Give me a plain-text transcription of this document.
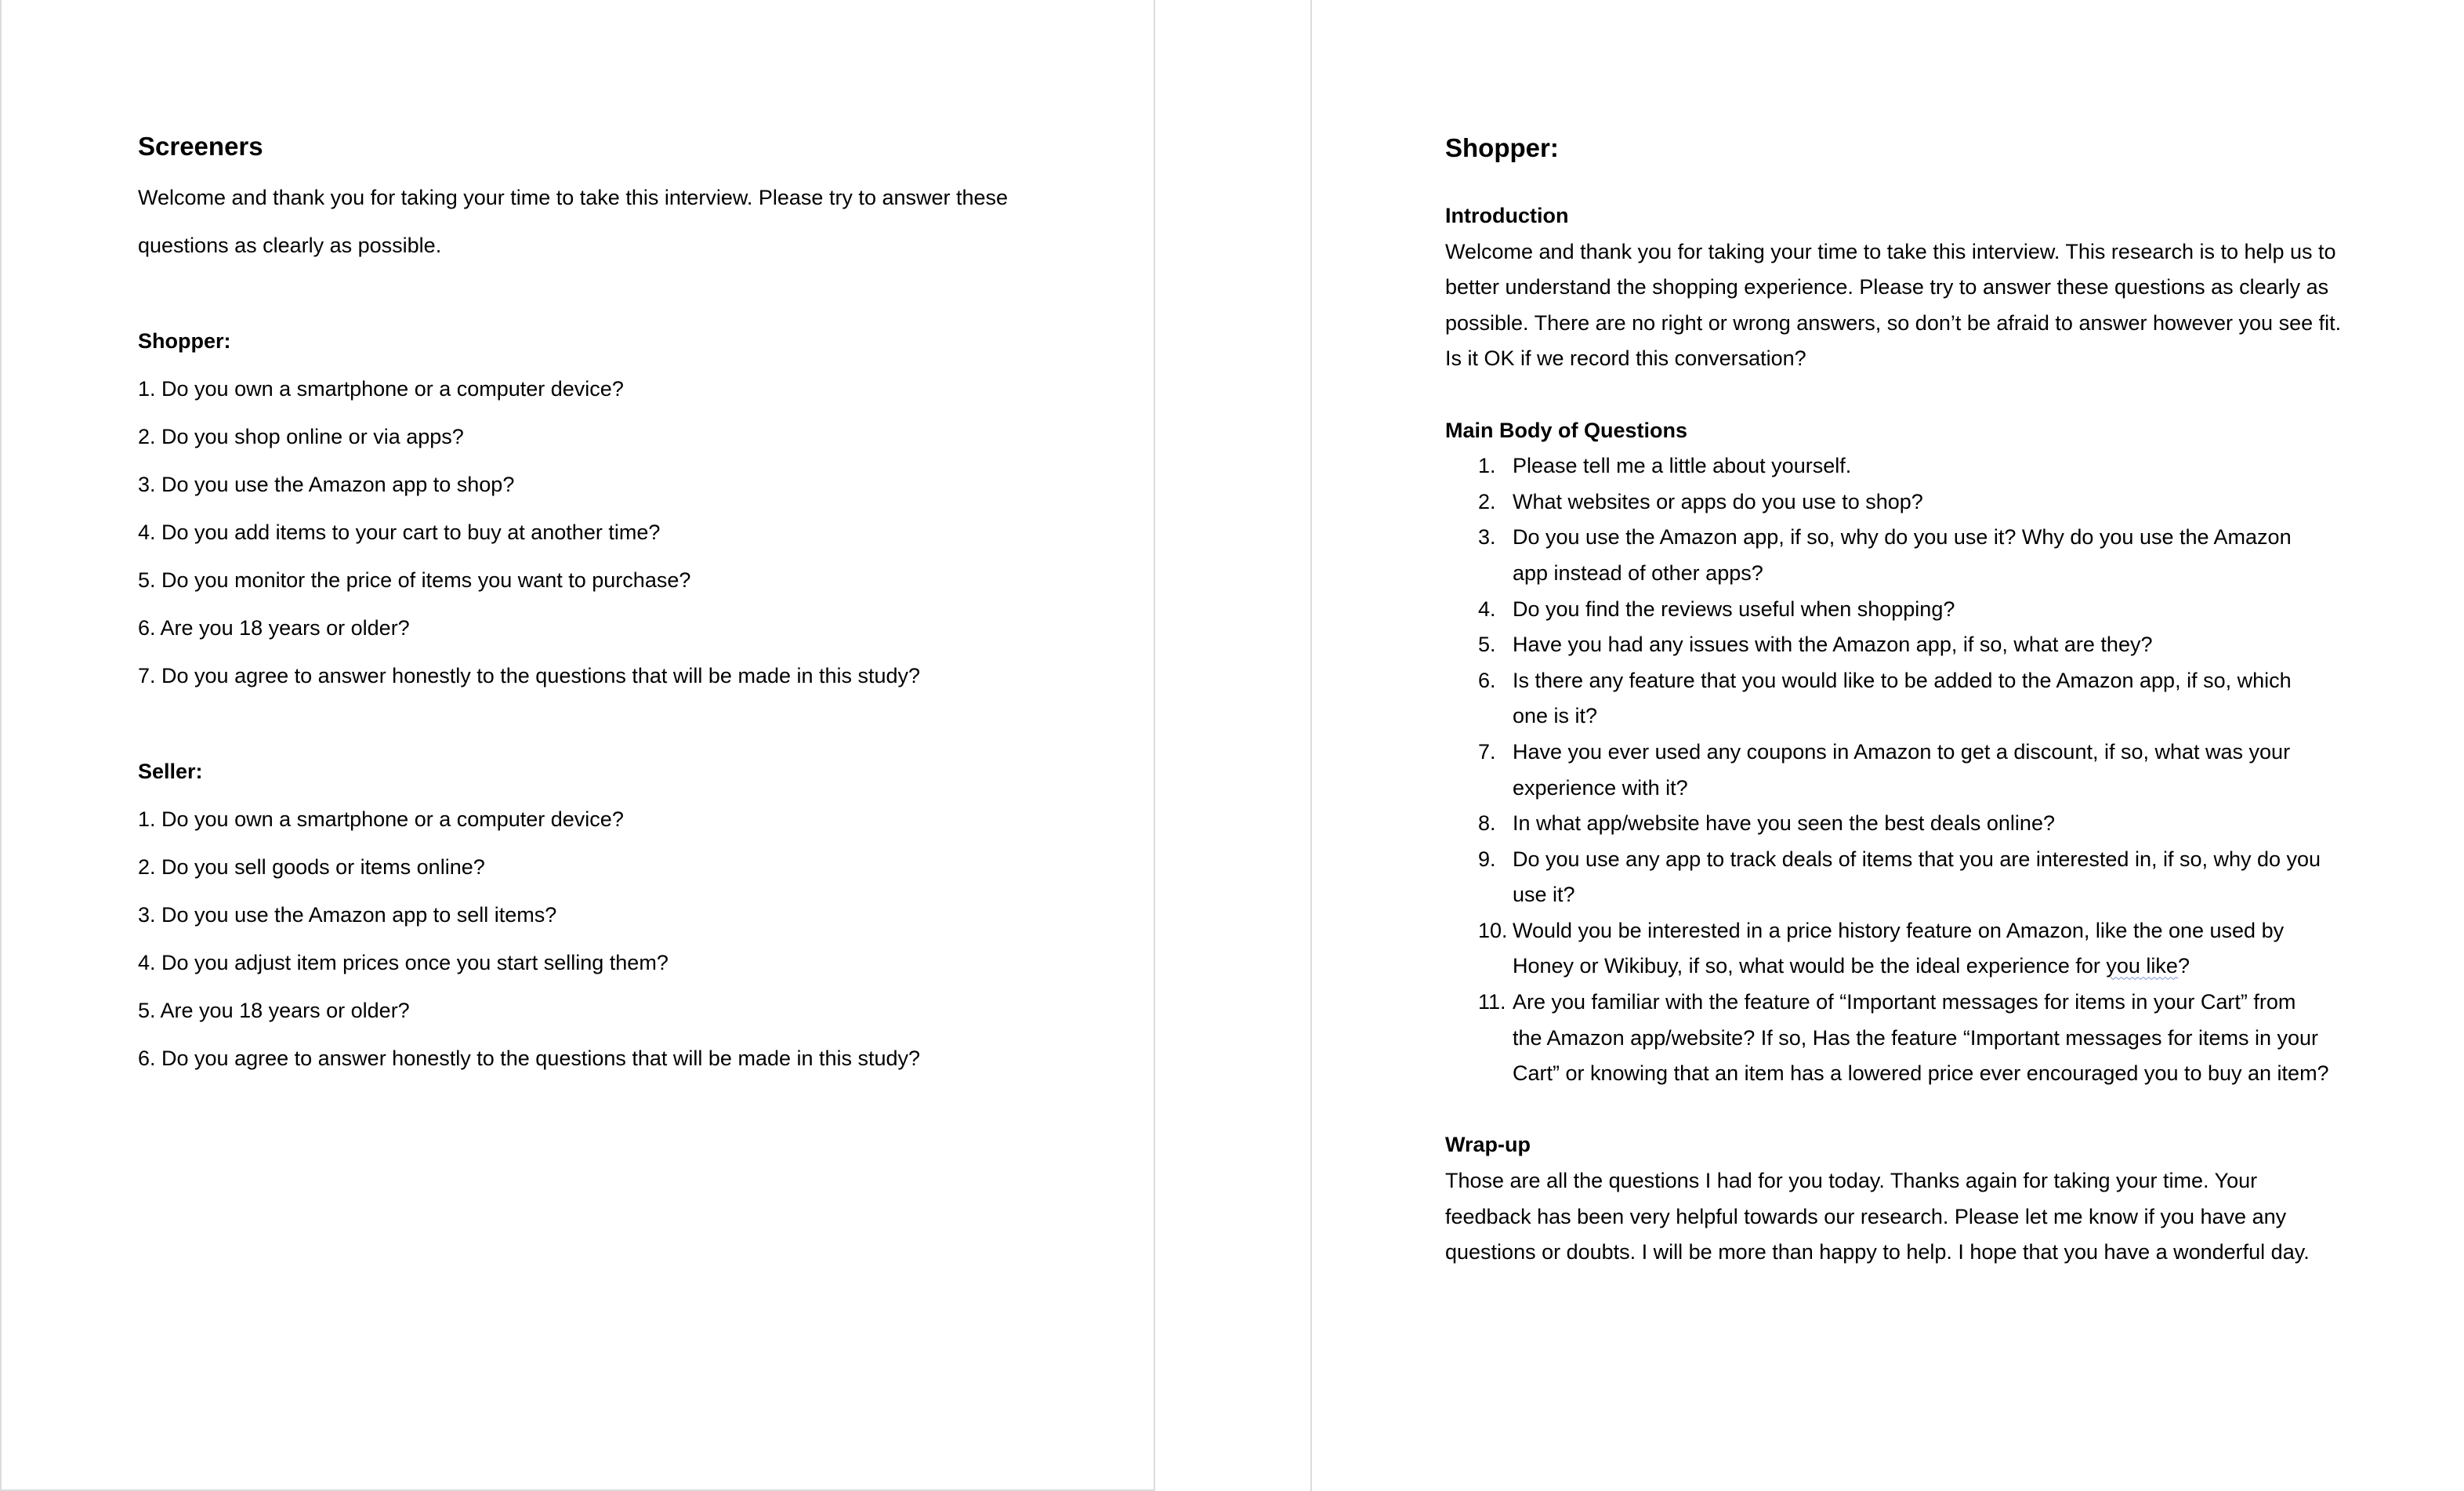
Screeners
Welcome and thank you for taking your time to take this interview. Please try to answer these questions as clearly as possible.
Shopper:
1. Do you own a smartphone or a computer device?
2. Do you shop online or via apps?
3. Do you use the Amazon app to shop?
4. Do you add items to your cart to buy at another time?
5. Do you monitor the price of items you want to purchase?
6. Are you 18 years or older?
7. Do you agree to answer honestly to the questions that will be made in this study?
Seller:
1. Do you own a smartphone or a computer device?
2. Do you sell goods or items online?
3. Do you use the Amazon app to sell items?
4. Do you adjust item prices once you start selling them?
5. Are you 18 years or older?
6. Do you agree to answer honestly to the questions that will be made in this study?
Shopper:
Introduction
Welcome and thank you for taking your time to take this interview. This research is to help us to better understand the shopping experience. Please try to answer these questions as clearly as possible. There are no right or wrong answers, so don’t be afraid to answer however you see fit. Is it OK if we record this conversation?
Main Body of Questions
1. Please tell me a little about yourself.
2. What websites or apps do you use to shop?
3. Do you use the Amazon app, if so, why do you use it? Why do you use the Amazon app instead of other apps?
4. Do you find the reviews useful when shopping?
5. Have you had any issues with the Amazon app, if so, what are they?
6. Is there any feature that you would like to be added to the Amazon app, if so, which one is it?
7. Have you ever used any coupons in Amazon to get a discount, if so, what was your experience with it?
8. In what app/website have you seen the best deals online?
9. Do you use any app to track deals of items that you are interested in, if so, why do you use it?
10. Would you be interested in a price history feature on Amazon, like the one used by Honey or Wikibuy, if so, what would be the ideal experience for you like?
11. Are you familiar with the feature of “Important messages for items in your Cart” from the Amazon app/website? If so, Has the feature “Important messages for items in your Cart” or knowing that an item has a lowered price ever encouraged you to buy an item?
Wrap-up
Those are all the questions I had for you today. Thanks again for taking your time. Your feedback has been very helpful towards our research. Please let me know if you have any questions or doubts. I will be more than happy to help. I hope that you have a wonderful day.
